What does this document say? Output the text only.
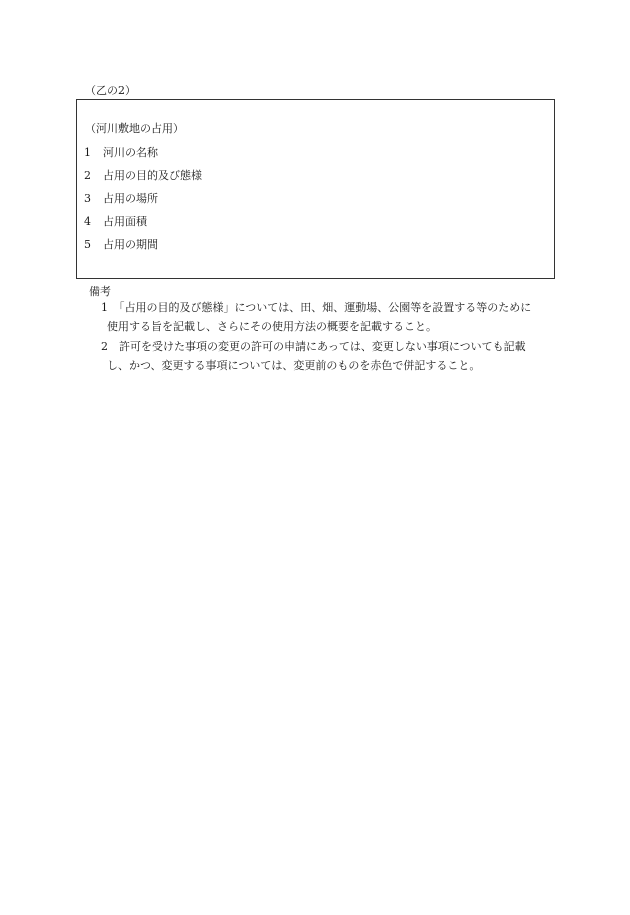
（乙の2）
（河川敷地の占用）
1 河川の名称
2 占用の目的及び態様
3 占用の場所
4 占用面積
5 占用の期間
備考
1　「占用の目的及び態様」については、田、畑、運動場、公園等を設置する等のために
使用する旨を記載し、さらにその使用方法の概要を記載すること。
2　許可を受けた事項の変更の許可の申請にあっては、変更しない事項についても記載
し、かつ、変更する事項については、変更前のものを赤色で併記すること。
